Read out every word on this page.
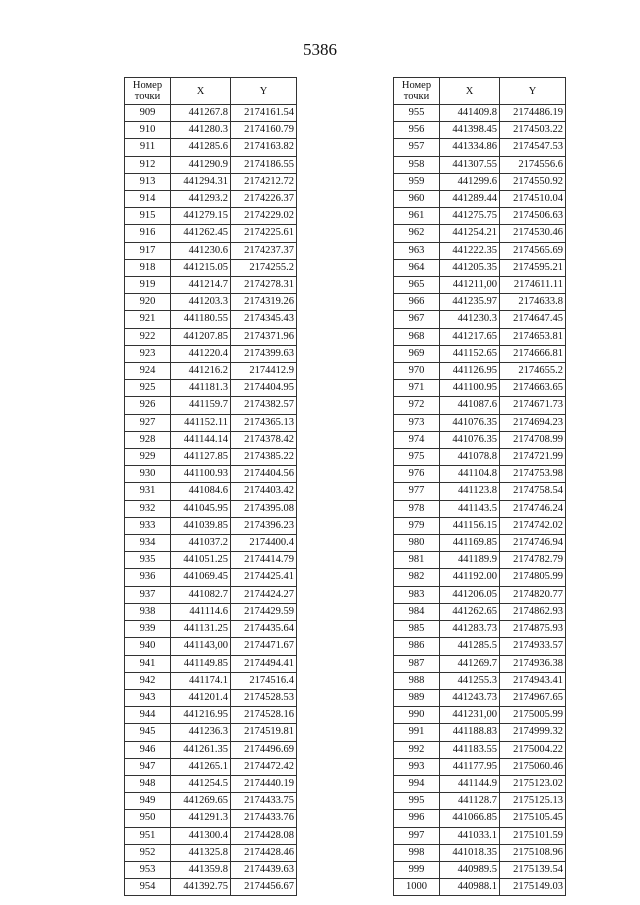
5386
Номер
точки	X	Y
909	441267.8	2174161.54
910	441280.3	2174160.79
911	441285.6	2174163.82
912	441290.9	2174186.55
913	441294.31	2174212.72
914	441293.2	2174226.37
915	441279.15	2174229.02
916	441262.45	2174225.61
917	441230.6	2174237.37
918	441215.05	2174255.2
919	441214.7	2174278.31
920	441203.3	2174319.26
921	441180.55	2174345.43
922	441207.85	2174371.96
923	441220.4	2174399.63
924	441216.2	2174412.9
925	441181.3	2174404.95
926	441159.7	2174382.57
927	441152.11	2174365.13
928	441144.14	2174378.42
929	441127.85	2174385.22
930	441100.93	2174404.56
931	441084.6	2174403.42
932	441045.95	2174395.08
933	441039.85	2174396.23
934	441037.2	2174400.4
935	441051.25	2174414.79
936	441069.45	2174425.41
937	441082.7	2174424.27
938	441114.6	2174429.59
939	441131.25	2174435.64
940	441143,00	2174471.67
941	441149.85	2174494.41
942	441174.1	2174516.4
943	441201.4	2174528.53
944	441216.95	2174528.16
945	441236.3	2174519.81
946	441261.35	2174496.69
947	441265.1	2174472.42
948	441254.5	2174440.19
949	441269.65	2174433.75
950	441291.3	2174433.76
951	441300.4	2174428.08
952	441325.8	2174428.46
953	441359.8	2174439.63
954	441392.75	2174456.67
Номер
точки	X	Y
955	441409.8	2174486.19
956	441398.45	2174503.22
957	441334.86	2174547.53
958	441307.55	2174556.6
959	441299.6	2174550.92
960	441289.44	2174510.04
961	441275.75	2174506.63
962	441254.21	2174530.46
963	441222.35	2174565.69
964	441205.35	2174595.21
965	441211,00	2174611.11
966	441235.97	2174633.8
967	441230.3	2174647.45
968	441217.65	2174653.81
969	441152.65	2174666.81
970	441126.95	2174655.2
971	441100.95	2174663.65
972	441087.6	2174671.73
973	441076.35	2174694.23
974	441076.35	2174708.99
975	441078.8	2174721.99
976	441104.8	2174753.98
977	441123.8	2174758.54
978	441143.5	2174746.24
979	441156.15	2174742.02
980	441169.85	2174746.94
981	441189.9	2174782.79
982	441192.00	2174805.99
983	441206.05	2174820.77
984	441262.65	2174862.93
985	441283.73	2174875.93
986	441285.5	2174933.57
987	441269.7	2174936.38
988	441255.3	2174943.41
989	441243.73	2174967.65
990	441231,00	2175005.99
991	441188.83	2174999.32
992	441183.55	2175004.22
993	441177.95	2175060.46
994	441144.9	2175123.02
995	441128.7	2175125.13
996	441066.85	2175105.45
997	441033.1	2175101.59
998	441018.35	2175108.96
999	440989.5	2175139.54
1000	440988.1	2175149.03
